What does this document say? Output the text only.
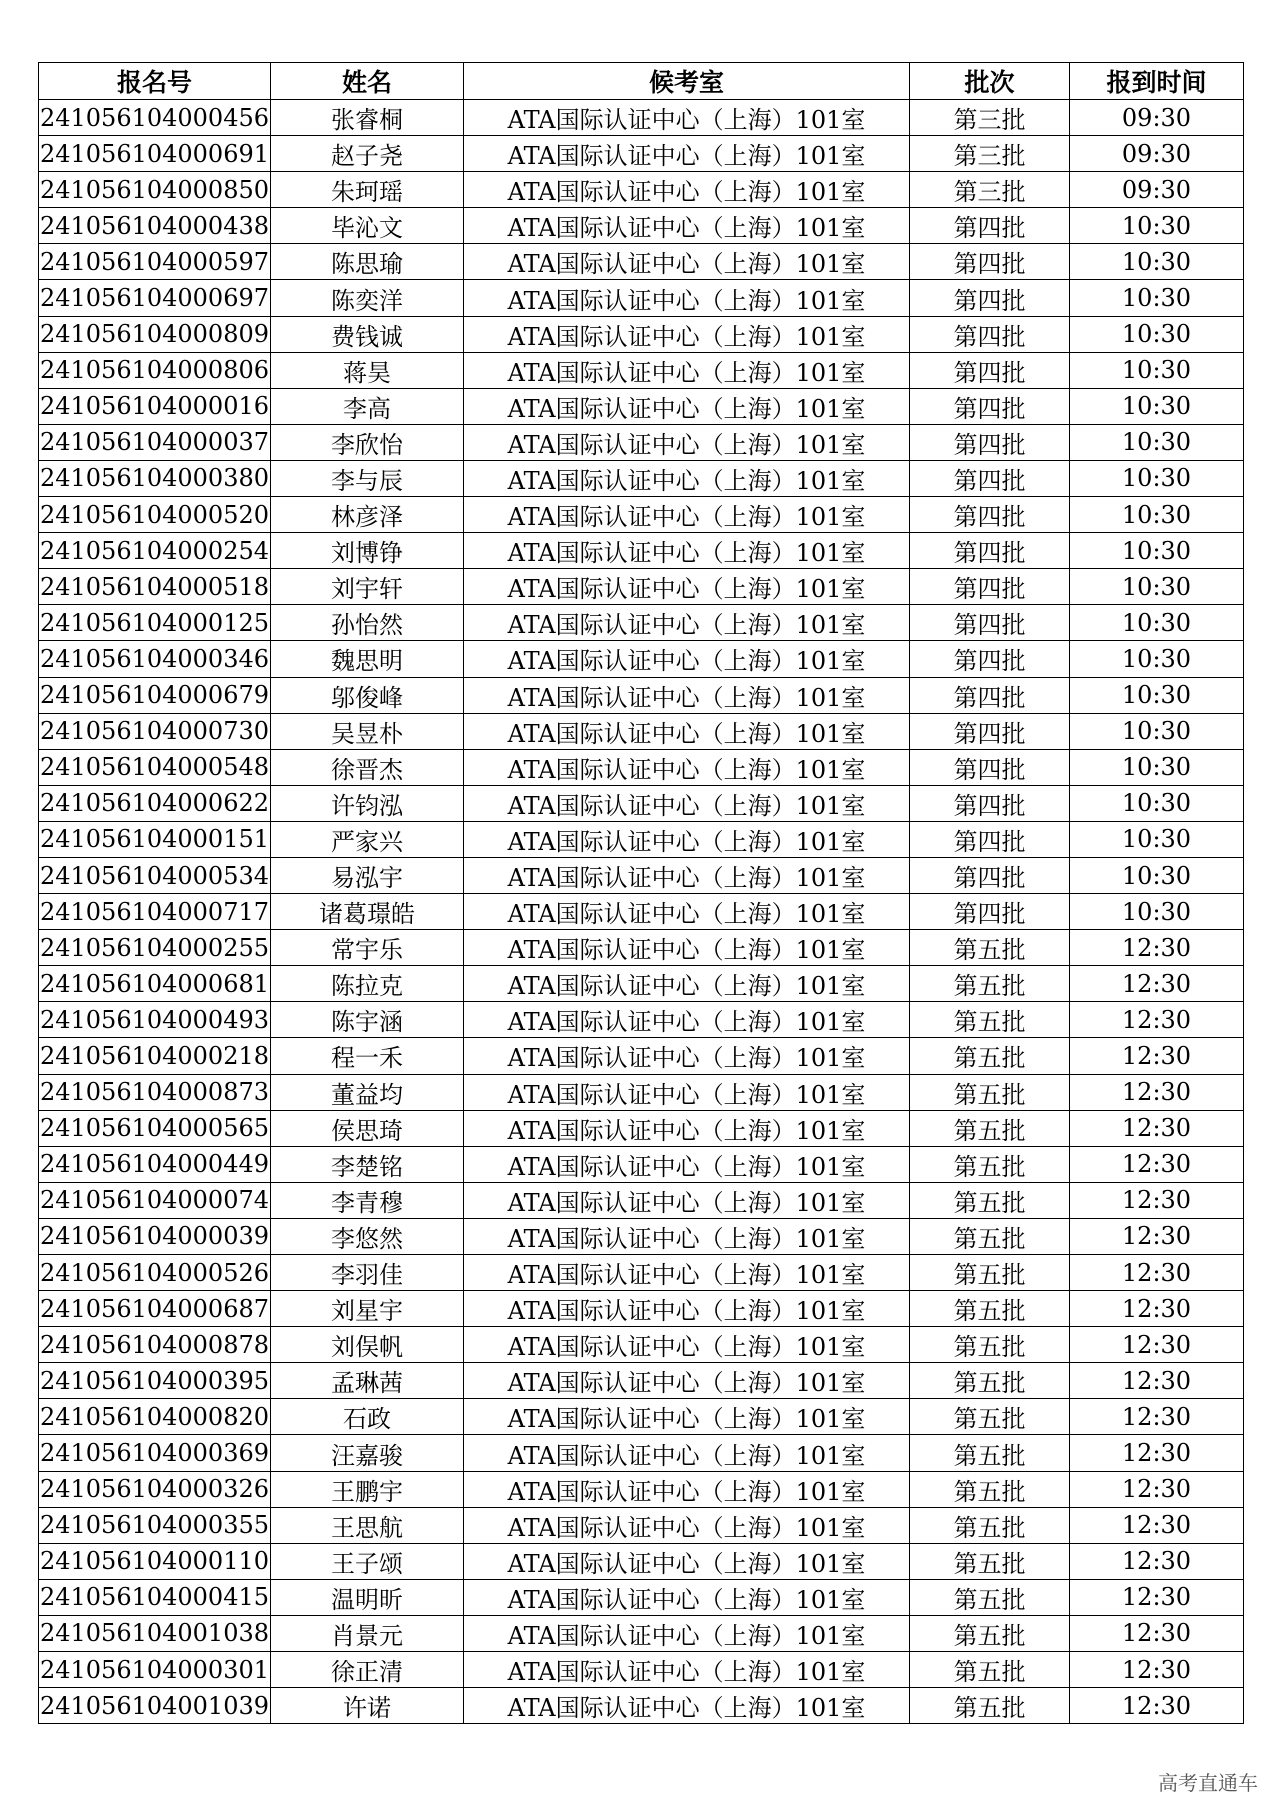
报名号	姓名	候考室	批次	报到时间
241056104000456	张睿桐	ATA国际认证中心（上海）101室	第三批	09:30
241056104000691	赵子尧	ATA国际认证中心（上海）101室	第三批	09:30
241056104000850	朱珂瑶	ATA国际认证中心（上海）101室	第三批	09:30
241056104000438	毕沁文	ATA国际认证中心（上海）101室	第四批	10:30
241056104000597	陈思瑜	ATA国际认证中心（上海）101室	第四批	10:30
241056104000697	陈奕洋	ATA国际认证中心（上海）101室	第四批	10:30
241056104000809	费钱诚	ATA国际认证中心（上海）101室	第四批	10:30
241056104000806	蒋昊	ATA国际认证中心（上海）101室	第四批	10:30
241056104000016	李高	ATA国际认证中心（上海）101室	第四批	10:30
241056104000037	李欣怡	ATA国际认证中心（上海）101室	第四批	10:30
241056104000380	李与辰	ATA国际认证中心（上海）101室	第四批	10:30
241056104000520	林彦泽	ATA国际认证中心（上海）101室	第四批	10:30
241056104000254	刘博铮	ATA国际认证中心（上海）101室	第四批	10:30
241056104000518	刘宇轩	ATA国际认证中心（上海）101室	第四批	10:30
241056104000125	孙怡然	ATA国际认证中心（上海）101室	第四批	10:30
241056104000346	魏思明	ATA国际认证中心（上海）101室	第四批	10:30
241056104000679	邬俊峰	ATA国际认证中心（上海）101室	第四批	10:30
241056104000730	吴昱朴	ATA国际认证中心（上海）101室	第四批	10:30
241056104000548	徐晋杰	ATA国际认证中心（上海）101室	第四批	10:30
241056104000622	许钧泓	ATA国际认证中心（上海）101室	第四批	10:30
241056104000151	严家兴	ATA国际认证中心（上海）101室	第四批	10:30
241056104000534	易泓宇	ATA国际认证中心（上海）101室	第四批	10:30
241056104000717	诸葛璟皓	ATA国际认证中心（上海）101室	第四批	10:30
241056104000255	常宇乐	ATA国际认证中心（上海）101室	第五批	12:30
241056104000681	陈拉克	ATA国际认证中心（上海）101室	第五批	12:30
241056104000493	陈宇涵	ATA国际认证中心（上海）101室	第五批	12:30
241056104000218	程一禾	ATA国际认证中心（上海）101室	第五批	12:30
241056104000873	董益均	ATA国际认证中心（上海）101室	第五批	12:30
241056104000565	侯思琦	ATA国际认证中心（上海）101室	第五批	12:30
241056104000449	李楚铭	ATA国际认证中心（上海）101室	第五批	12:30
241056104000074	李青穆	ATA国际认证中心（上海）101室	第五批	12:30
241056104000039	李悠然	ATA国际认证中心（上海）101室	第五批	12:30
241056104000526	李羽佳	ATA国际认证中心（上海）101室	第五批	12:30
241056104000687	刘星宇	ATA国际认证中心（上海）101室	第五批	12:30
241056104000878	刘俣帆	ATA国际认证中心（上海）101室	第五批	12:30
241056104000395	孟琳茜	ATA国际认证中心（上海）101室	第五批	12:30
241056104000820	石政	ATA国际认证中心（上海）101室	第五批	12:30
241056104000369	汪嘉骏	ATA国际认证中心（上海）101室	第五批	12:30
241056104000326	王鹏宇	ATA国际认证中心（上海）101室	第五批	12:30
241056104000355	王思航	ATA国际认证中心（上海）101室	第五批	12:30
241056104000110	王子颂	ATA国际认证中心（上海）101室	第五批	12:30
241056104000415	温明昕	ATA国际认证中心（上海）101室	第五批	12:30
241056104001038	肖景元	ATA国际认证中心（上海）101室	第五批	12:30
241056104000301	徐正清	ATA国际认证中心（上海）101室	第五批	12:30
241056104001039	许诺	ATA国际认证中心（上海）101室	第五批	12:30
高考直通车
